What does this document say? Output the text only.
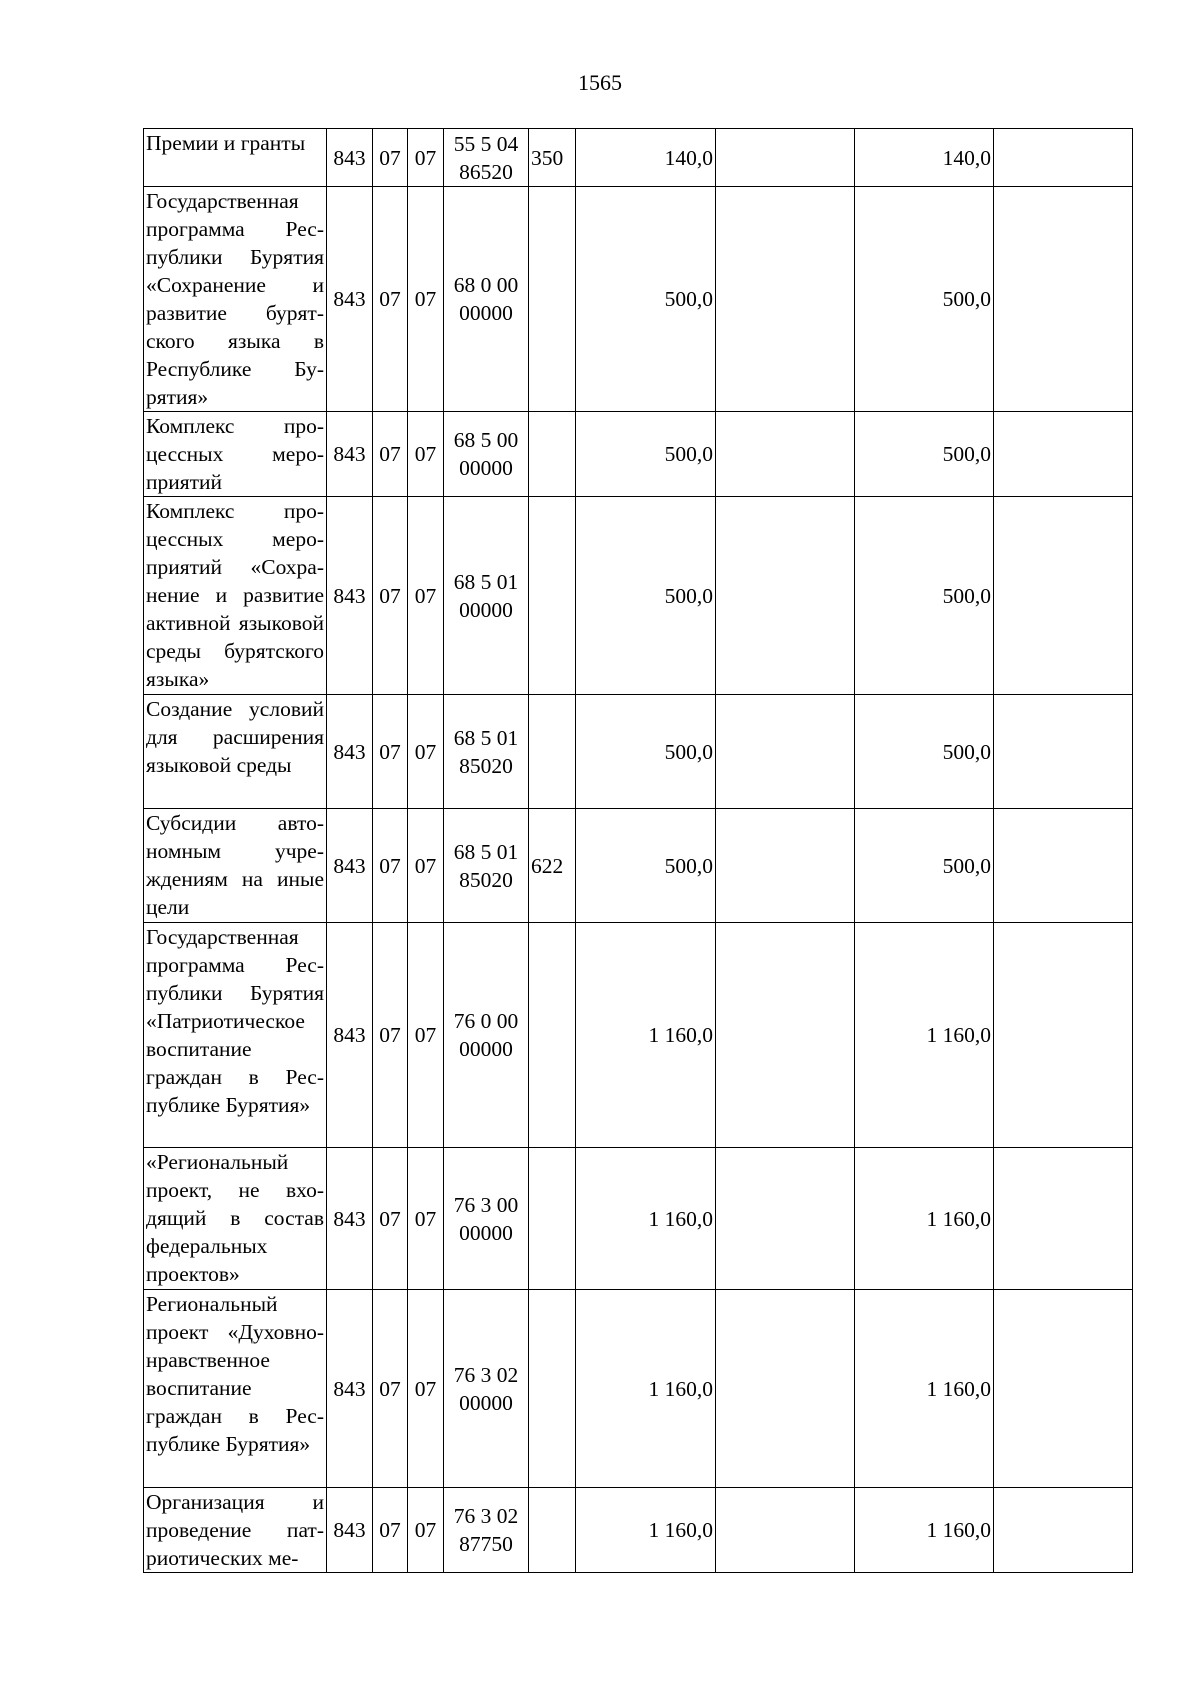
1565
Премии и гранты	843	07	07	55 5 04 86520	350	140,0		140,0	
Государственная программа Республики Бурятия «Сохранение и развитие бурятского языка в Республике Бурятия»	843	07	07	68 0 00 00000		500,0		500,0	
Комплекс процессных мероприятий	843	07	07	68 5 00 00000		500,0		500,0	
Комплекс процессных мероприятий «Сохранение и развитие активной языковой среды бурятского языка»	843	07	07	68 5 01 00000		500,0		500,0	
Создание условий для расширения языковой среды	843	07	07	68 5 01 85020		500,0		500,0	
Субсидии автономным учреждениям на иные цели	843	07	07	68 5 01 85020	622	500,0		500,0	
Государственная программа Республики Бурятия «Патриотическое воспитание граждан в Республике Бурятия»	843	07	07	76 0 00 00000		1 160,0		1 160,0	
«Региональный проект, не входящий в состав федеральных проектов»	843	07	07	76 3 00 00000		1 160,0		1 160,0	
Региональный проект «Духовно-нравственное воспитание граждан в Республике Бурятия»	843	07	07	76 3 02 00000		1 160,0		1 160,0	
Организация и проведение патриотических ме-	843	07	07	76 3 02 87750		1 160,0		1 160,0	
